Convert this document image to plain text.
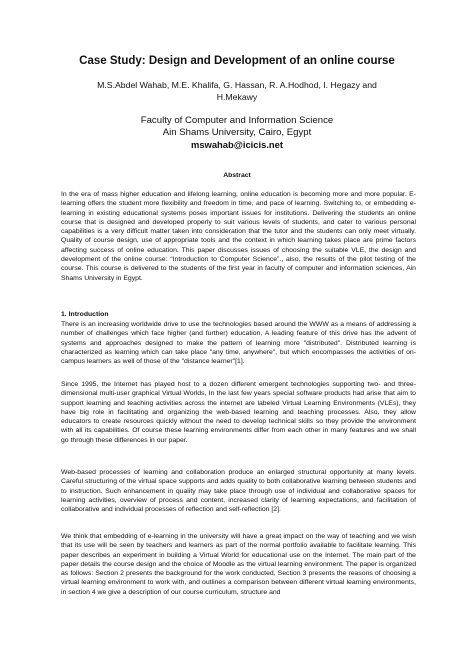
Case Study: Design and Development of an online course
M.S.Abdel Wahab, M.E. Khalifa, G. Hassan, R. A.Hodhod, I. Hegazy and
H.Mekawy
Faculty of Computer and Information Science
Ain Shams University, Cairo, Egypt
mswahab@icicis.net
Abstract

In the era of mass higher education and lifelong learning, online education is becoming more and more popular. E-learning offers the student more flexibility and freedom in time, and pace of learning. Switching to, or embedding e-learning in existing educational systems poses important issues for institutions. Delivering the students an online course that is designed and developed properly to suit various levels of students, and cater to various personal capabilities is a very difficult matter taken into consideration that the tutor and the students can only meet virtually. Quality of course design, use of appropriate tools and the context in which learning takes place are prime factors affecting success of online education. This paper discusses issues of choosing the suitable VLE, the design and development of the online course: “Introduction to Computer Science”., also, the results of the pilot testing of the course. This course is delivered to the students of the first year in faculty of computer and information sciences, Ain Shams University in Egypt.

1. Introduction

There is an increasing worldwide drive to use the technologies based around the WWW as a means of addressing a number of challenges which face higher (and further) education, A leading feature of this drive has the advent of systems and approaches designed to make the pattern of learning more "distributed". Distributed learning is characterized as learning which can take place "any time, anywhere", but which encompasses the activities of on-campus learners as well of those of the "distance learner"[1].

Since 1995, the Internet has played host to a dozen different emergent technologies supporting two- and three-dimensional multi-user graphical Virtual Worlds, In the last few years special software products had arise that aim to support learning and teaching activities across the internet are labeled Virtual Learning Environments (VLEs), they have big role in facilitating and organizing the web-based learning and teaching processes. Also, they allow educators to create resources quickly without the need to develop technical skills so they provide the environment with all its capabilities. Of course these learning environments differ from each other in many features and we shall go through these differences in our paper.

Web-based processes of learning and collaboration produce an enlarged structural opportunity at many levels. Careful structuring of the virtual space supports and adds quality to both collaborative learning between students and to instruction. Such enhancement in quality may take place through use of individual and collaborative spaces for learning activities, overview of process and content, increased clarity of learning expectations, and facilitation of collaborative and individual processes of reflection and self-reflection [2].

We think that embedding of e-learning in the university will have a great impact on the way of teaching and we wish that its use will be seen by teachers and learners as part of the normal portfolio available to facilitate learning. This paper describes an experiment in building a Virtual World for educational use on the Internet. The main part of the paper details the course design and the choice of Moodle as the virtual learning environment. The paper is organized as follows: Section 2 presents the background for the work conducted, Section 3 presents the reasons of choosing a virtual learning environment to work with, and outlines a comparison between different virtual learning environments, in section 4 we give a description of our course curriculum, structure and
